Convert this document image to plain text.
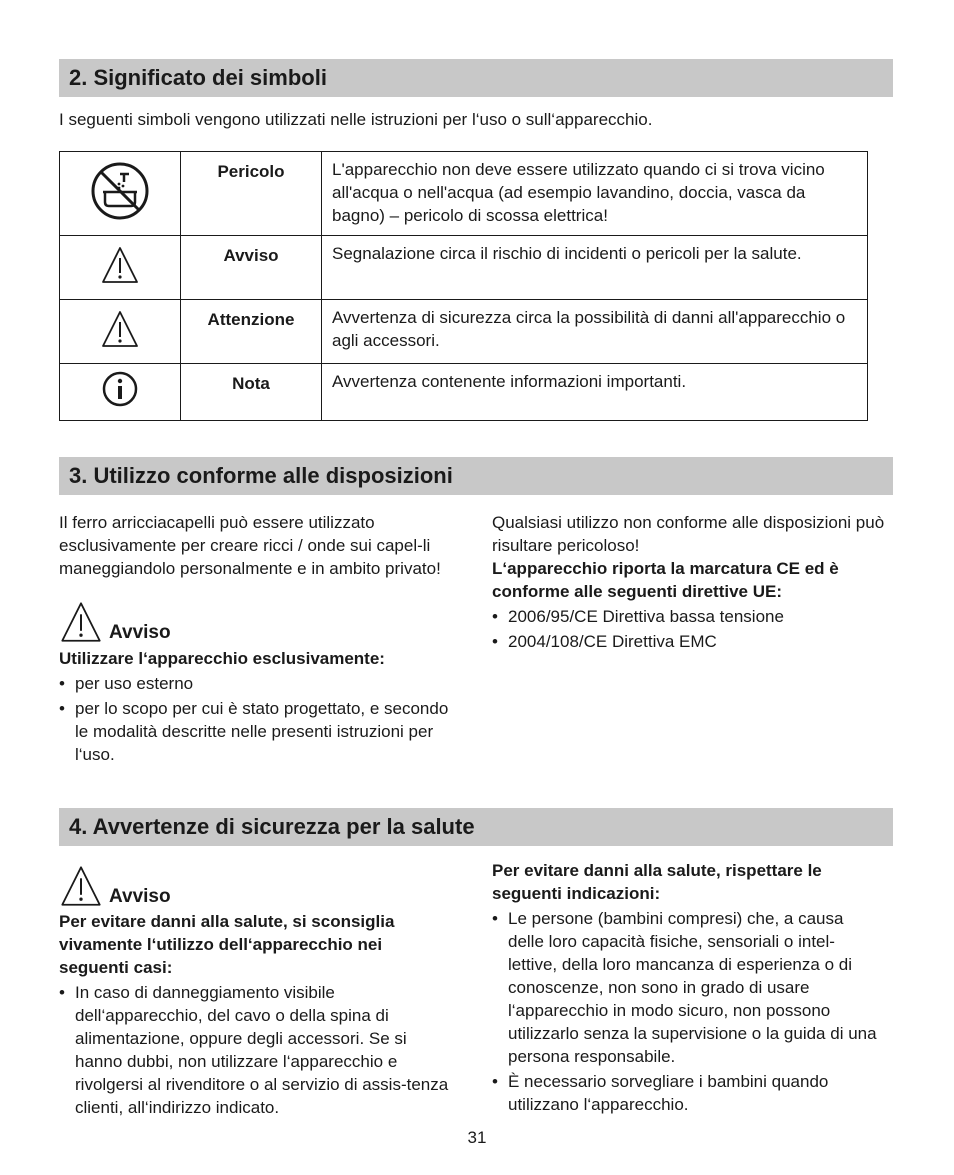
2. Significato dei simboli

I seguenti simboli vengono utilizzati nelle istruzioni per l‘uso o sull‘apparecchio.

	Pericolo	L'apparecchio non deve essere utilizzato quando ci si trova vicino all'acqua o nell'acqua (ad esempio lavandino, doccia, vasca da bagno) – pericolo di scossa elettrica!
	Avviso	Segnalazione circa il rischio di incidenti o pericoli per la salute.
	Attenzione	Avvertenza di sicurezza circa la possibilità di danni all'apparecchio o agli accessori.
	Nota	Avvertenza contenente informazioni importanti.
3. Utilizzo conforme alle disposizioni

Il ferro arricciacapelli può essere utilizzato esclusivamente per creare ricci / onde sui capel-li maneggiandolo personalmente e in ambito privato!

Avviso

Utilizzare l‘apparecchio esclusivamente:

• per uso esterno
• per lo scopo per cui è stato progettato, e secondo le modalità descritte nelle presenti istruzioni per l‘uso.

Qualsiasi utilizzo non conforme alle disposizioni può risultare pericoloso!

L‘apparecchio riporta la marcatura CE ed è conforme alle seguenti direttive UE:

• 2006/95/CE Direttiva bassa tensione
• 2004/108/CE Direttiva EMC
4. Avvertenze di sicurezza per la salute
Avviso

Per evitare danni alla salute, si sconsiglia vivamente l‘utilizzo dell‘apparecchio nei seguenti casi:

• In caso di danneggiamento visibile dell‘apparecchio, del cavo o della spina di alimentazione, oppure degli accessori. Se si hanno dubbi, non utilizzare l‘apparecchio e rivolgersi al rivenditore o al servizio di assis-tenza clienti, all‘indirizzo indicato.

Per evitare danni alla salute, rispettare le seguenti indicazioni:

• Le persone (bambini compresi) che, a causa delle loro capacità fisiche, sensoriali o intel-lettive, della loro mancanza di esperienza o di conoscenze, non sono in grado di usare l‘apparecchio in modo sicuro, non possono utilizzarlo senza la supervisione o la guida di una persona responsabile.
• È necessario sorvegliare i bambini quando utilizzano l‘apparecchio.
31
